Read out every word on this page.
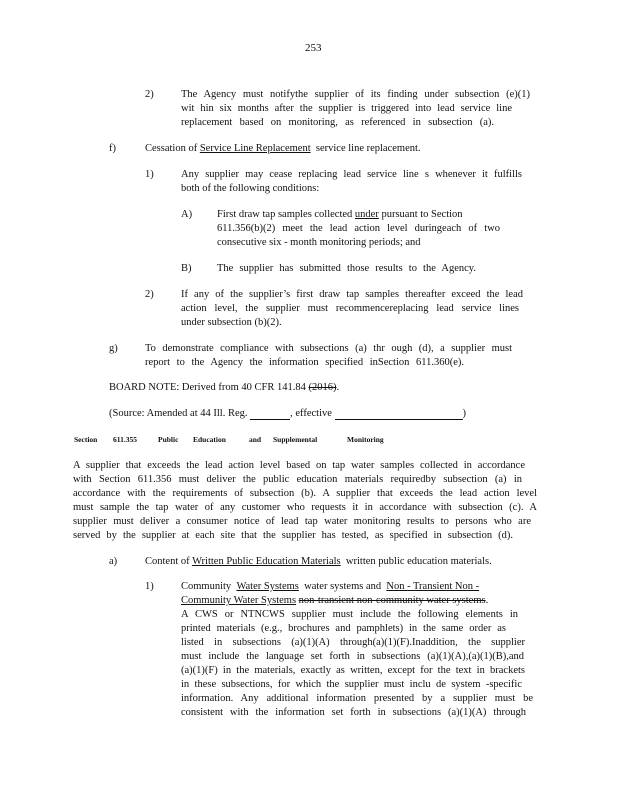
253
2)	The Agency must notifythe supplier of its finding under subsection (e)(1)
wit hin six months after the supplier is triggered into lead service line
replacement based on monitoring, as referenced in subsection (a).
f)	Cessation of Service Line Replacement service line replacement.
1)	Any supplier may cease replacing lead service line s whenever it fulfills
both of the following conditions:
A) First draw tap samples collected under pursuant to Section
611.356(b)(2) meet the lead action level duringeach of two
consecutive six - month monitoring periods; and
B) The supplier has submitted those results to the Agency.
2)	If any of the supplier’s first draw tap samples thereafter exceed the lead
action level, the supplier must recommencereplacing lead service lines
under subsection (b)(2).
g)	To demonstrate compliance with subsections (a) thr ough (d), a supplier must
report to the Agency the information specified inSection 611.360(e).
BOARD NOTE: Derived from 40 CFR 141.84 (2016).
(Source: Amended at 44 Ill. Reg.	, effective	)
Section 611.355	Public Education	and Supplemental	Monitoring
A supplier that exceeds the lead action level based on tap water samples collected in accordance
with Section 611.356 must deliver the public education materials requiredby subsection (a) in
accordance with the requirements of subsection (b). A supplier that exceeds the lead action level
must sample the tap water of any customer who requests it in accordance with subsection (c). A
supplier must deliver a consumer notice of lead tap water monitoring results to persons who are
served by the supplier at each site that the supplier has tested, as specified in subsection (d).
a)	Content of Written Public Education Materials written public education materials.
1)	Community Water Systems water systems and Non - Transient Non -
Community Water Systems non-transient non-community water systems.
A CWS or NTNCWS supplier must include the following elements in
printed materials (e.g., brochures and pamphlets) in the same order as
listed in subsections (a)(1)(A) through(a)(1)(F).Inaddition, the supplier
must include the language set forth in subsections (a)(1)(A),(a)(1)(B),and
(a)(1)(F) in the materials, exactly as written, except for the text in brackets
in these subsections, for which the supplier must inclu de system -specific
information. Any additional information presented by a supplier must be
consistent with the information set forth in subsections (a)(1)(A) through
